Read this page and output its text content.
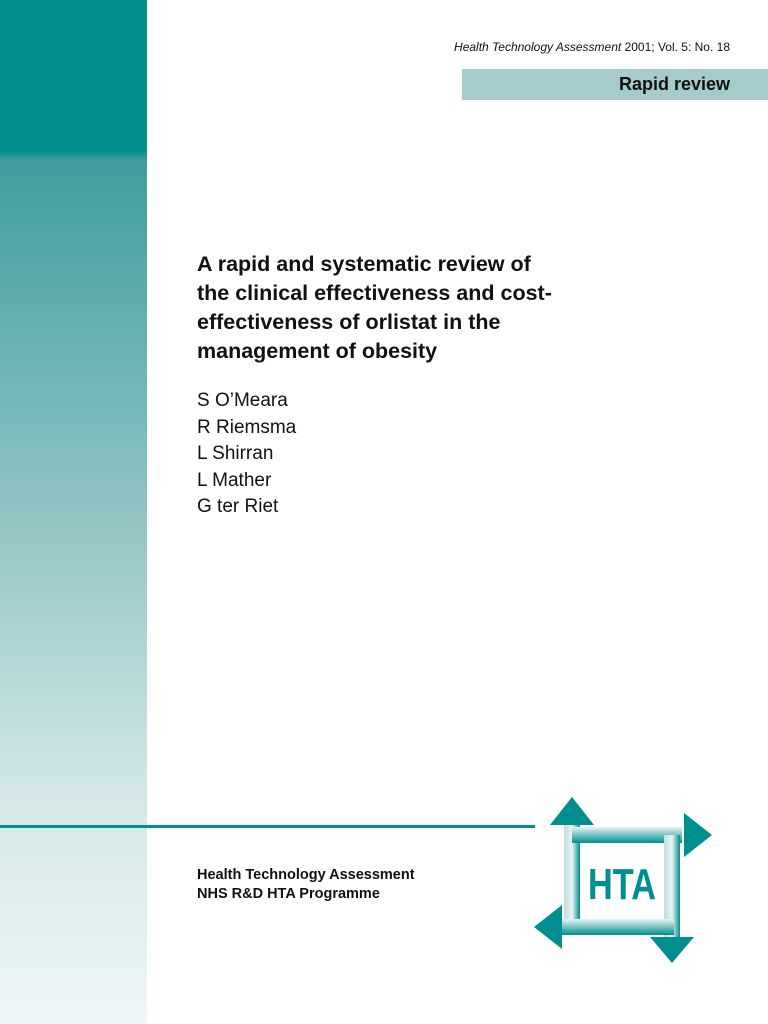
Health Technology Assessment 2001; Vol. 5: No. 18
Rapid review
A rapid and systematic review of
the clinical effectiveness and cost-
effectiveness of orlistat in the
management of obesity
S O’Meara
R Riemsma
L Shirran
L Mather
G ter Riet
Health Technology Assessment
NHS R&D HTA Programme	HTA
